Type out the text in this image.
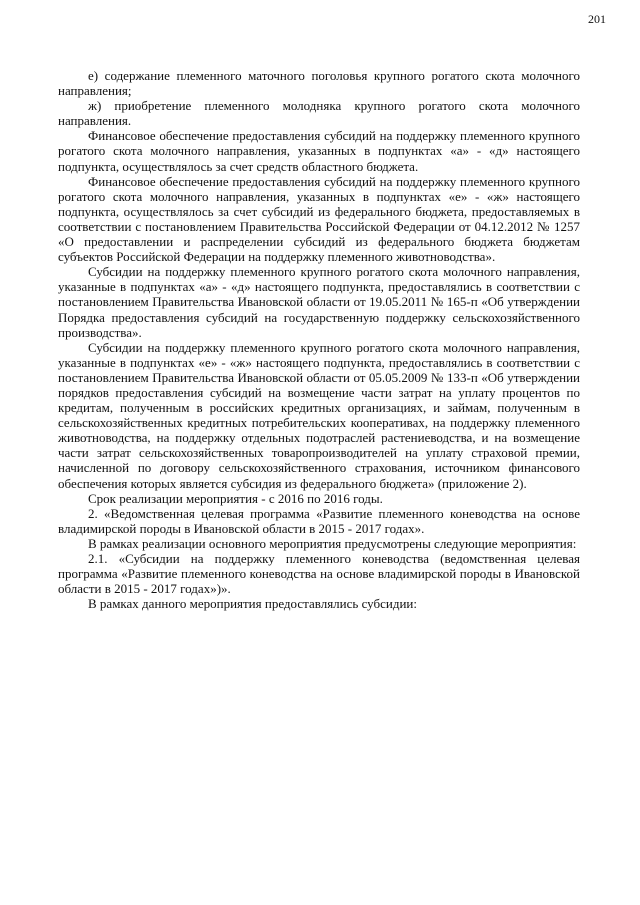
201

е) содержание племенного маточного поголовья крупного рогатого скота молочного направления;

ж) приобретение племенного молодняка крупного рогатого скота молочного направления.

Финансовое обеспечение предоставления субсидий на поддержку племенного крупного рогатого скота молочного направления, указанных в подпунктах «а» - «д» настоящего подпункта, осуществлялось за счет средств областного бюджета.

Финансовое обеспечение предоставления субсидий на поддержку племенного крупного рогатого скота молочного направления, указанных в подпунктах «е» - «ж» настоящего подпункта, осуществлялось за счет субсидий из федерального бюджета, предоставляемых в соответствии с постановлением Правительства Российской Федерации от 04.12.2012 № 1257 «О предоставлении и распределении субсидий из федерального бюджета бюджетам субъектов Российской Федерации на поддержку племенного животноводства».

Субсидии на поддержку племенного крупного рогатого скота молочного направления, указанные в подпунктах «а» - «д» настоящего подпункта, предоставлялись в соответствии с постановлением Правительства Ивановской области от 19.05.2011 № 165-п «Об утверждении Порядка предоставления субсидий на государственную поддержку сельскохозяйственного производства».

Субсидии на поддержку племенного крупного рогатого скота молочного направления, указанные в подпунктах «е» - «ж» настоящего подпункта, предоставлялись в соответствии с постановлением Правительства Ивановской области от 05.05.2009 № 133-п «Об утверждении порядков предоставления субсидий на возмещение части затрат на уплату процентов по кредитам, полученным в российских кредитных организациях, и займам, полученным в сельскохозяйственных кредитных потребительских кооперативах, на поддержку племенного животноводства, на поддержку отдельных подотраслей растениеводства, и на возмещение части затрат сельскохозяйственных товаропроизводителей на уплату страховой премии, начисленной по договору сельскохозяйственного страхования, источником финансового обеспечения которых является субсидия из федерального бюджета» (приложение 2).

Срок реализации мероприятия - с 2016 по 2016 годы.

2. «Ведомственная целевая программа «Развитие племенного коневодства на основе владимирской породы в Ивановской области в 2015 - 2017 годах».

В рамках реализации основного мероприятия предусмотрены следующие мероприятия:

2.1. «Субсидии на поддержку племенного коневодства (ведомственная целевая программа «Развитие племенного коневодства на основе владимирской породы в Ивановской области в 2015 - 2017 годах»)».

В рамках данного мероприятия предоставлялись субсидии:
